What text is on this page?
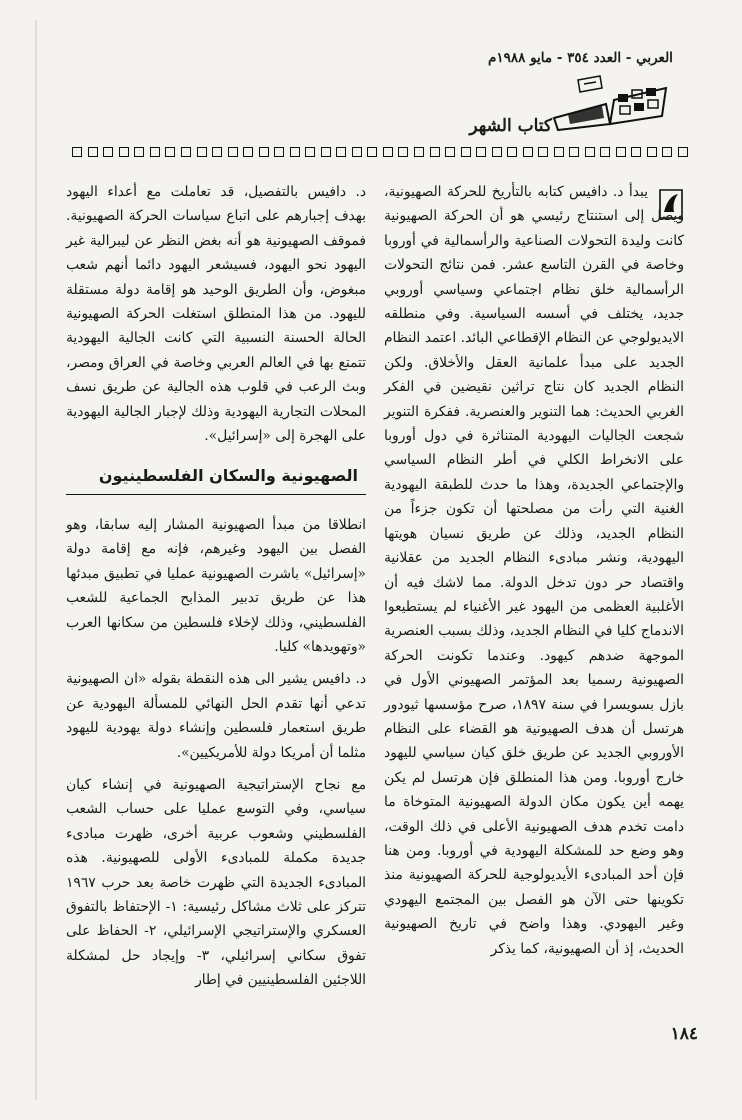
العربي - العدد ٣٥٤ - مايو ١٩٨٨م
كتاب الشهر

يبدأ د. دافيس كتابه بالتأريخ للحركة الصهيونية، ويصل إلى استنتاج رئيسي هو أن الحركة الصهيونية كانت وليدة التحولات الصناعية والرأسمالية في أوروبا وخاصة في القرن التاسع عشر. فمن نتائج التحولات الرأسمالية خلق نظام اجتماعي وسياسي أوروبي جديد، يختلف في أسسه السياسية. وفي منطلقه الايديولوجي عن النظام الإقطاعي البائد. اعتمد النظام الجديد على مبدأ علمانية العقل والأخلاق. ولكن النظام الجديد كان نتاج تراثين نقيضين في الفكر الغربي الحديث: هما التنوير والعنصرية. ففكرة التنوير شجعت الجاليات اليهودية المتناثرة في دول أوروبا على الانخراط الكلي في أطر النظام السياسي والإجتماعي الجديدة، وهذا ما حدث للطبقة اليهودية الغنية التي رأت من مصلحتها أن تكون جزءاً من النظام الجديد، وذلك عن طريق نسيان هويتها اليهودية، ونشر مبادىء النظام الجديد من عقلانية واقتصاد حر دون تدخل الدولة. مما لاشك فيه أن الأغلبية العظمى من اليهود غير الأغنياء لم يستطيعوا الاندماج كليا في النظام الجديد، وذلك بسبب العنصرية الموجهة ضدهم كيهود. وعندما تكونت الحركة الصهيونية رسميا بعد المؤتمر الصهيوني الأول في بازل بسويسرا في سنة ١٨٩٧، صرح مؤسسها ثيودور هرتسل أن هدف الصهيونية هو القضاء على النظام الأوروبي الجديد عن طريق خلق كيان سياسي لليهود خارج أوروبا. ومن هذا المنطلق فإن هرتسل لم يكن يهمه أين يكون مكان الدولة الصهيونية المتوخاة ما دامت تخدم هدف الصهيونية الأعلى في ذلك الوقت، وهو وضع حد للمشكلة اليهودية في أوروبا. ومن هنا فإن أحد المبادىء الأيديولوجية للحركة الصهيونية منذ تكوينها حتى الآن هو الفصل بين المجتمع اليهودي وغير اليهودي. وهذا واضح في تاريخ الصهيونية الحديث، إذ أن الصهيونية، كما يذكر

د. دافيس بالتفصيل، قد تعاملت مع أعداء اليهود بهدف إجبارهم على اتباع سياسات الحركة الصهيونية. فموقف الصهيونية هو أنه بغض النظر عن ليبرالية غير اليهود نحو اليهود، فسيشعر اليهود دائما أنهم شعب مبغوض، وأن الطريق الوحيد هو إقامة دولة مستقلة لليهود. من هذا المنطلق استغلت الحركة الصهيونية الحالة الحسنة النسبية التي كانت الجالية اليهودية تتمتع بها في العالم العربي وخاصة في العراق ومصر، وبث الرعب في قلوب هذه الجالية عن طريق نسف المحلات التجارية اليهودية وذلك لإجبار الجالية اليهودية على الهجرة إلى «إسرائيل».

الصهيونية والسكان الفلسطينيون

انطلاقا من مبدأ الصهيونية المشار إليه سابقا، وهو الفصل بين اليهود وغيرهم، فإنه مع إقامة دولة «إسرائيل» باشرت الصهيونية عمليا في تطبيق مبدئها هذا عن طريق تدبير المذابح الجماعية للشعب الفلسطيني، وذلك لإخلاء فلسطين من سكانها العرب «وتهويدها» كليا.

د. دافيس يشير الى هذه النقطة بقوله «ان الصهيونية تدعي أنها تقدم الحل النهائي للمسألة اليهودية عن طريق استعمار فلسطين وإنشاء دولة يهودية لليهود مثلما أن أمريكا دولة للأمريكيين».

مع نجاح الإستراتيجية الصهيونية في إنشاء كيان سياسي، وفي التوسع عمليا على حساب الشعب الفلسطيني وشعوب عربية أخرى، ظهرت مبادىء جديدة مكملة للمبادىء الأولى للصهيونية. هذه المبادىء الجديدة التي ظهرت خاصة بعد حرب ١٩٦٧ تتركز على ثلاث مشاكل رئيسية: ١- الإحتفاظ بالتفوق العسكري والإستراتيجي الإسرائيلي، ٢- الحفاظ على تفوق سكاني إسرائيلي، ٣- وإيجاد حل لمشكلة اللاجئين الفلسطينيين في إطار

١٨٤
